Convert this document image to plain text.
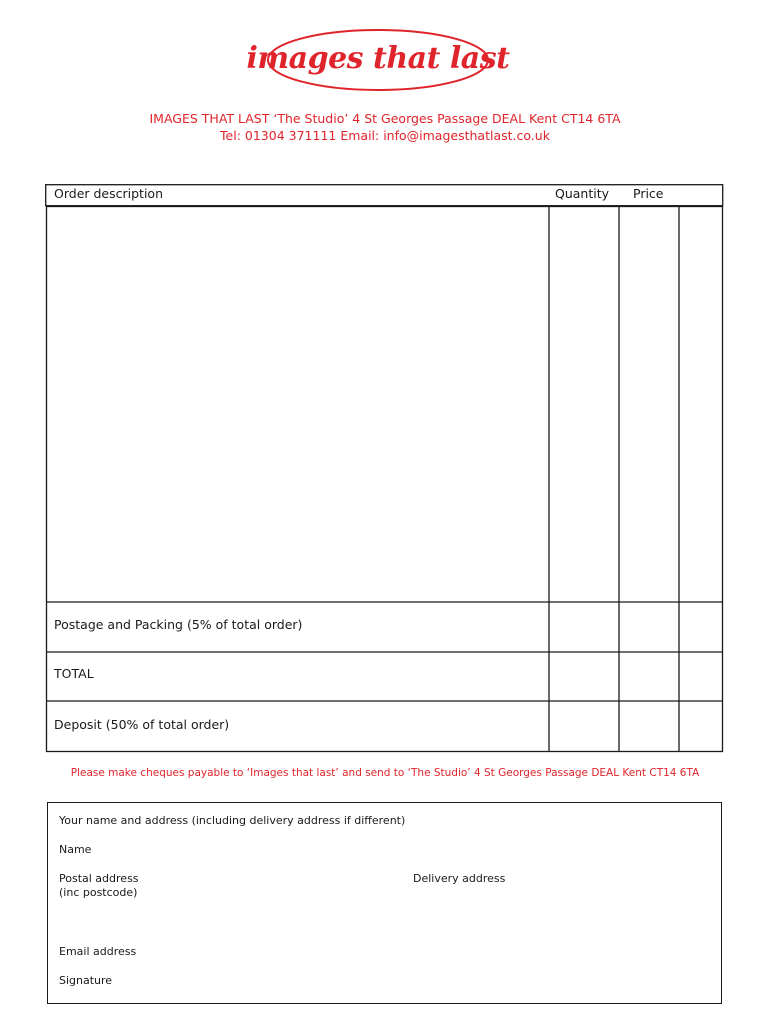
images that last
IMAGES THAT LAST ‘The Studio’ 4 St Georges Passage DEAL Kent CT14 6TA
Tel: 01304 371111 Email: info@imagesthatlast.co.uk
Order description	Quantity Price
Postage and Packing (5% of total order)
TOTAL
Deposit (50% of total order)
Please make cheques payable to ‘Images that last’ and send to ‘The Studio’ 4 St Georges Passage DEAL Kent CT14 6TA
Your name and address (including delivery address if different)
Name
Postal address
(inc postcode)
Delivery address
Email address
Signature
